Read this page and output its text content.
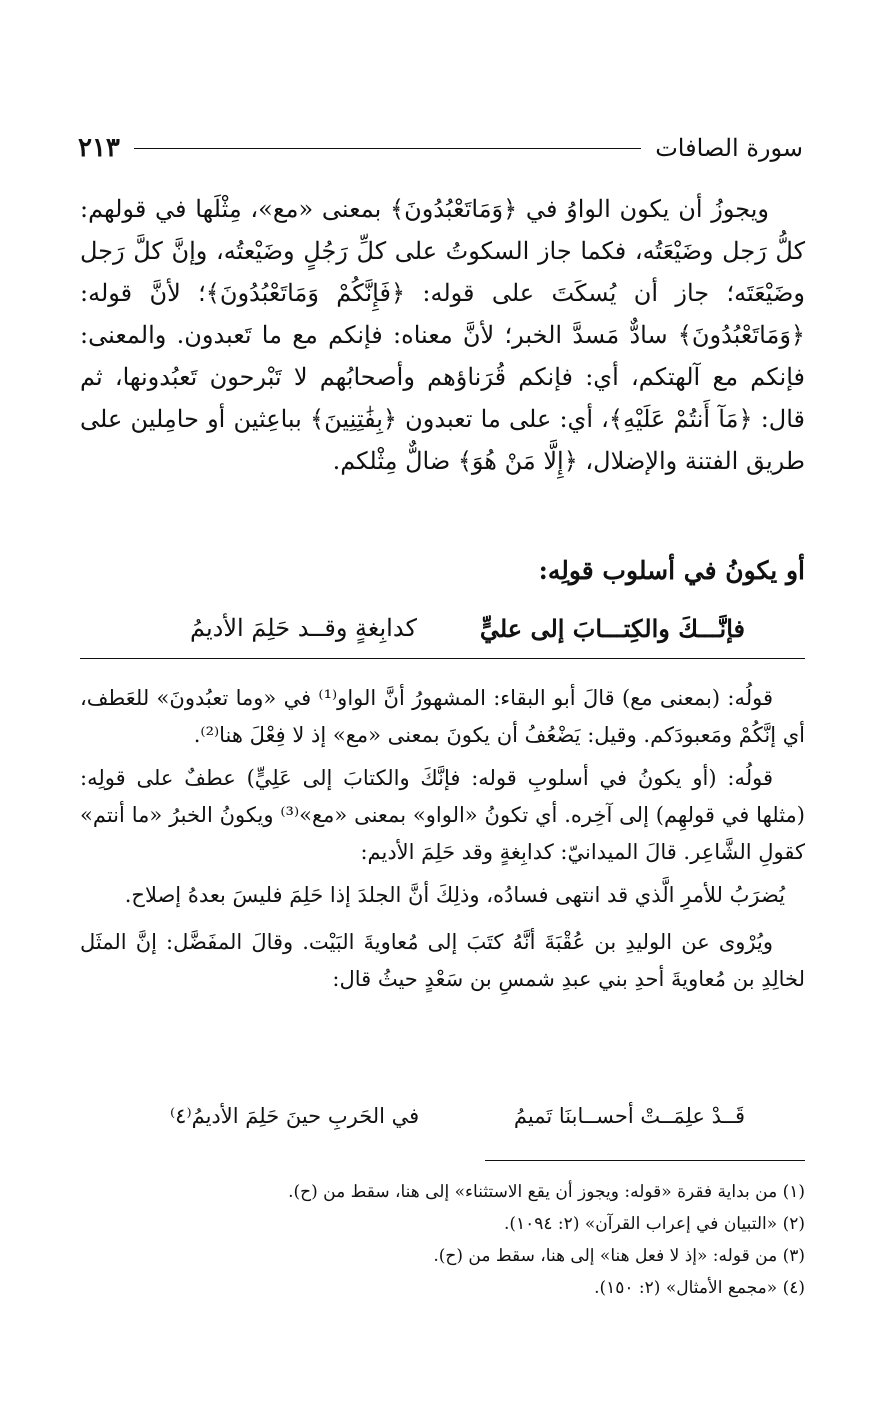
سورة الصافات
٢١٣

ويجوزُ أن يكون الواوُ في ﴿وَمَاتَعْبُدُونَ﴾ بمعنى «مع»، مِثْلَها في قولهم: كلُّ رَجل وضَيْعَتُه، فكما جاز السكوتُ على كلِّ رَجُلٍ وضَيْعتُه، وإنَّ كلَّ رَجل وضَيْعَتَه؛ جاز أن يُسكَتَ على قوله: ﴿فَإِنَّكُمْ وَمَاتَعْبُدُونَ﴾؛ لأنَّ قوله: ﴿وَمَاتَعْبُدُونَ﴾ سادٌّ مَسدَّ الخبر؛ لأنَّ معناه: فإنكم مع ما تَعبدون. والمعنى: فإنكم مع آلهتكم، أي: فإنكم قُرَناؤهم وأصحابُهم لا تَبْرحون تَعبُدونها، ثم قال: ﴿مَآ أَنتُمْ عَلَيْهِ﴾، أي: على ما تعبدون ﴿بِفَٰتِنِينَ﴾ بباعِثين أو حامِلين على طريق الفتنة والإضلال، ﴿إِلَّا مَنْ هُوَ﴾ ضالٌّ مِثْلكم.

أو يكونُ في أسلوب قولِه:
فإنَّـــكَ والكِتـــابَ إلى عليٍّ
كدابِغةٍ وقــد حَلِمَ الأديمُ

قولُه: (بمعنى مع) قالَ أبو البقاء: المشهورُ أنَّ الواو⁽¹⁾ في «وما تعبُدونَ» للعَطف، أي إنَّكُمْ ومَعبودَكم. وقيل: يَضْعُفُ أن يكونَ بمعنى «مع» إذ لا فِعْلَ هنا⁽²⁾.

قولُه: (أو يكونُ في أسلوبِ قوله: فإنَّكَ والكتابَ إلى عَلِيٍّ) عطفٌ على قولِه: (مثلها في قولهِم) إلى آخِره. أي تكونُ «الواو» بمعنى «مع»⁽³⁾ ويكونُ الخبرُ «ما أنتم» كقولِ الشَّاعِر. قالَ الميدانيّ: كدابِغةٍ وقد حَلِمَ الأديم:

يُضرَبُ للأمرِ الَّذي قد انتهى فسادُه، وذلِكَ أنَّ الجلدَ إذا حَلِمَ فليسَ بعدهُ إصلاح.

ويُرْوى عن الوليدِ بن عُقْبَةَ أنَّهُ كتَبَ إلى مُعاويةَ البَيْت. وقالَ المفَضَّل: إنَّ المثَل لخالِدِ بن مُعاويةَ أحدِ بني عبدِ شمسِ بن سَعْدٍ حيثُ قال:

قَــدْ علِمَــتْ أحســابنَا تَميمُ
في الحَربِ حينَ حَلِمَ الأديمُ⁽٤⁾
(١) من بداية فقرة «قوله: ويجوز أن يقع الاستثناء» إلى هنا، سقط من (ح).
(٢) «التبيان في إعراب القرآن» (٢: ١٠٩٤).
(٣) من قوله: «إذ لا فعل هنا» إلى هنا، سقط من (ح).
(٤) «مجمع الأمثال» (٢: ١٥٠).
